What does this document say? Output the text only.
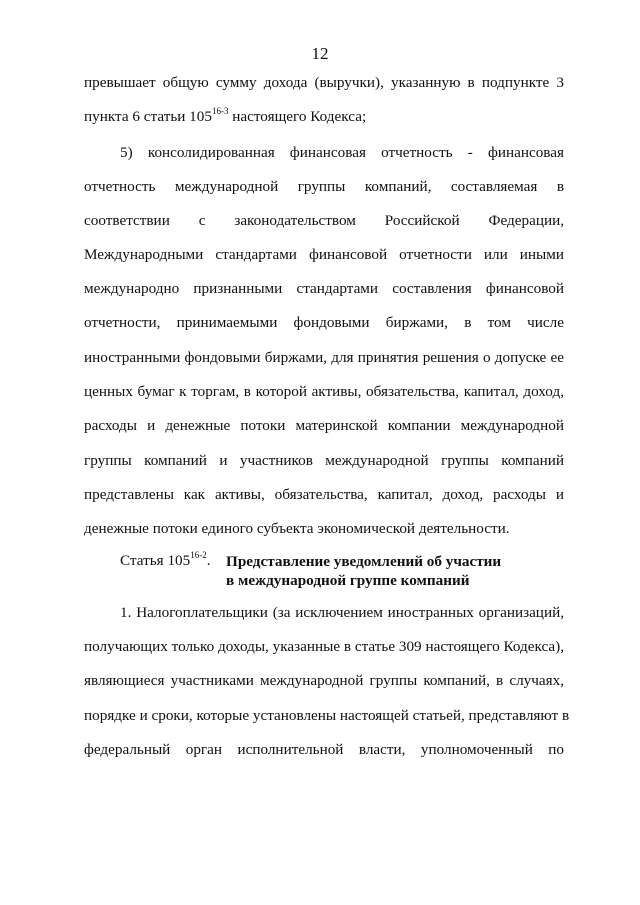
12
превышает общую сумму дохода (выручки), указанную в подпункте 3
пункта 6 статьи 105$^{16-3}$ настоящего Кодекса;
5) консолидированная финансовая отчетность - финансовая
отчетность международной группы компаний, составляемая в
соответствии с законодательством Российской Федерации,
Международными стандартами финансовой отчетности или иными
международно признанными стандартами составления финансовой
отчетности, принимаемыми фондовыми биржами, в том числе
иностранными фондовыми биржами, для принятия решения о допуске ее
ценных бумаг к торгам, в которой активы, обязательства, капитал, доход,
расходы и денежные потоки материнской компании международной
группы компаний и участников международной группы компаний
представлены как активы, обязательства, капитал, доход, расходы и
денежные потоки единого субъекта экономической деятельности.
Статья 105$^{16-2}$. Представление уведомлений об участии
в международной группе компаний
1. Налогоплательщики (за исключением иностранных организаций,
получающих только доходы, указанные в статье 309 настоящего Кодекса),
являющиеся участниками международной группы компаний, в случаях,
порядке и сроки, которые установлены настоящей статьей, представляют в
федеральный орган исполнительной власти, уполномоченный по
